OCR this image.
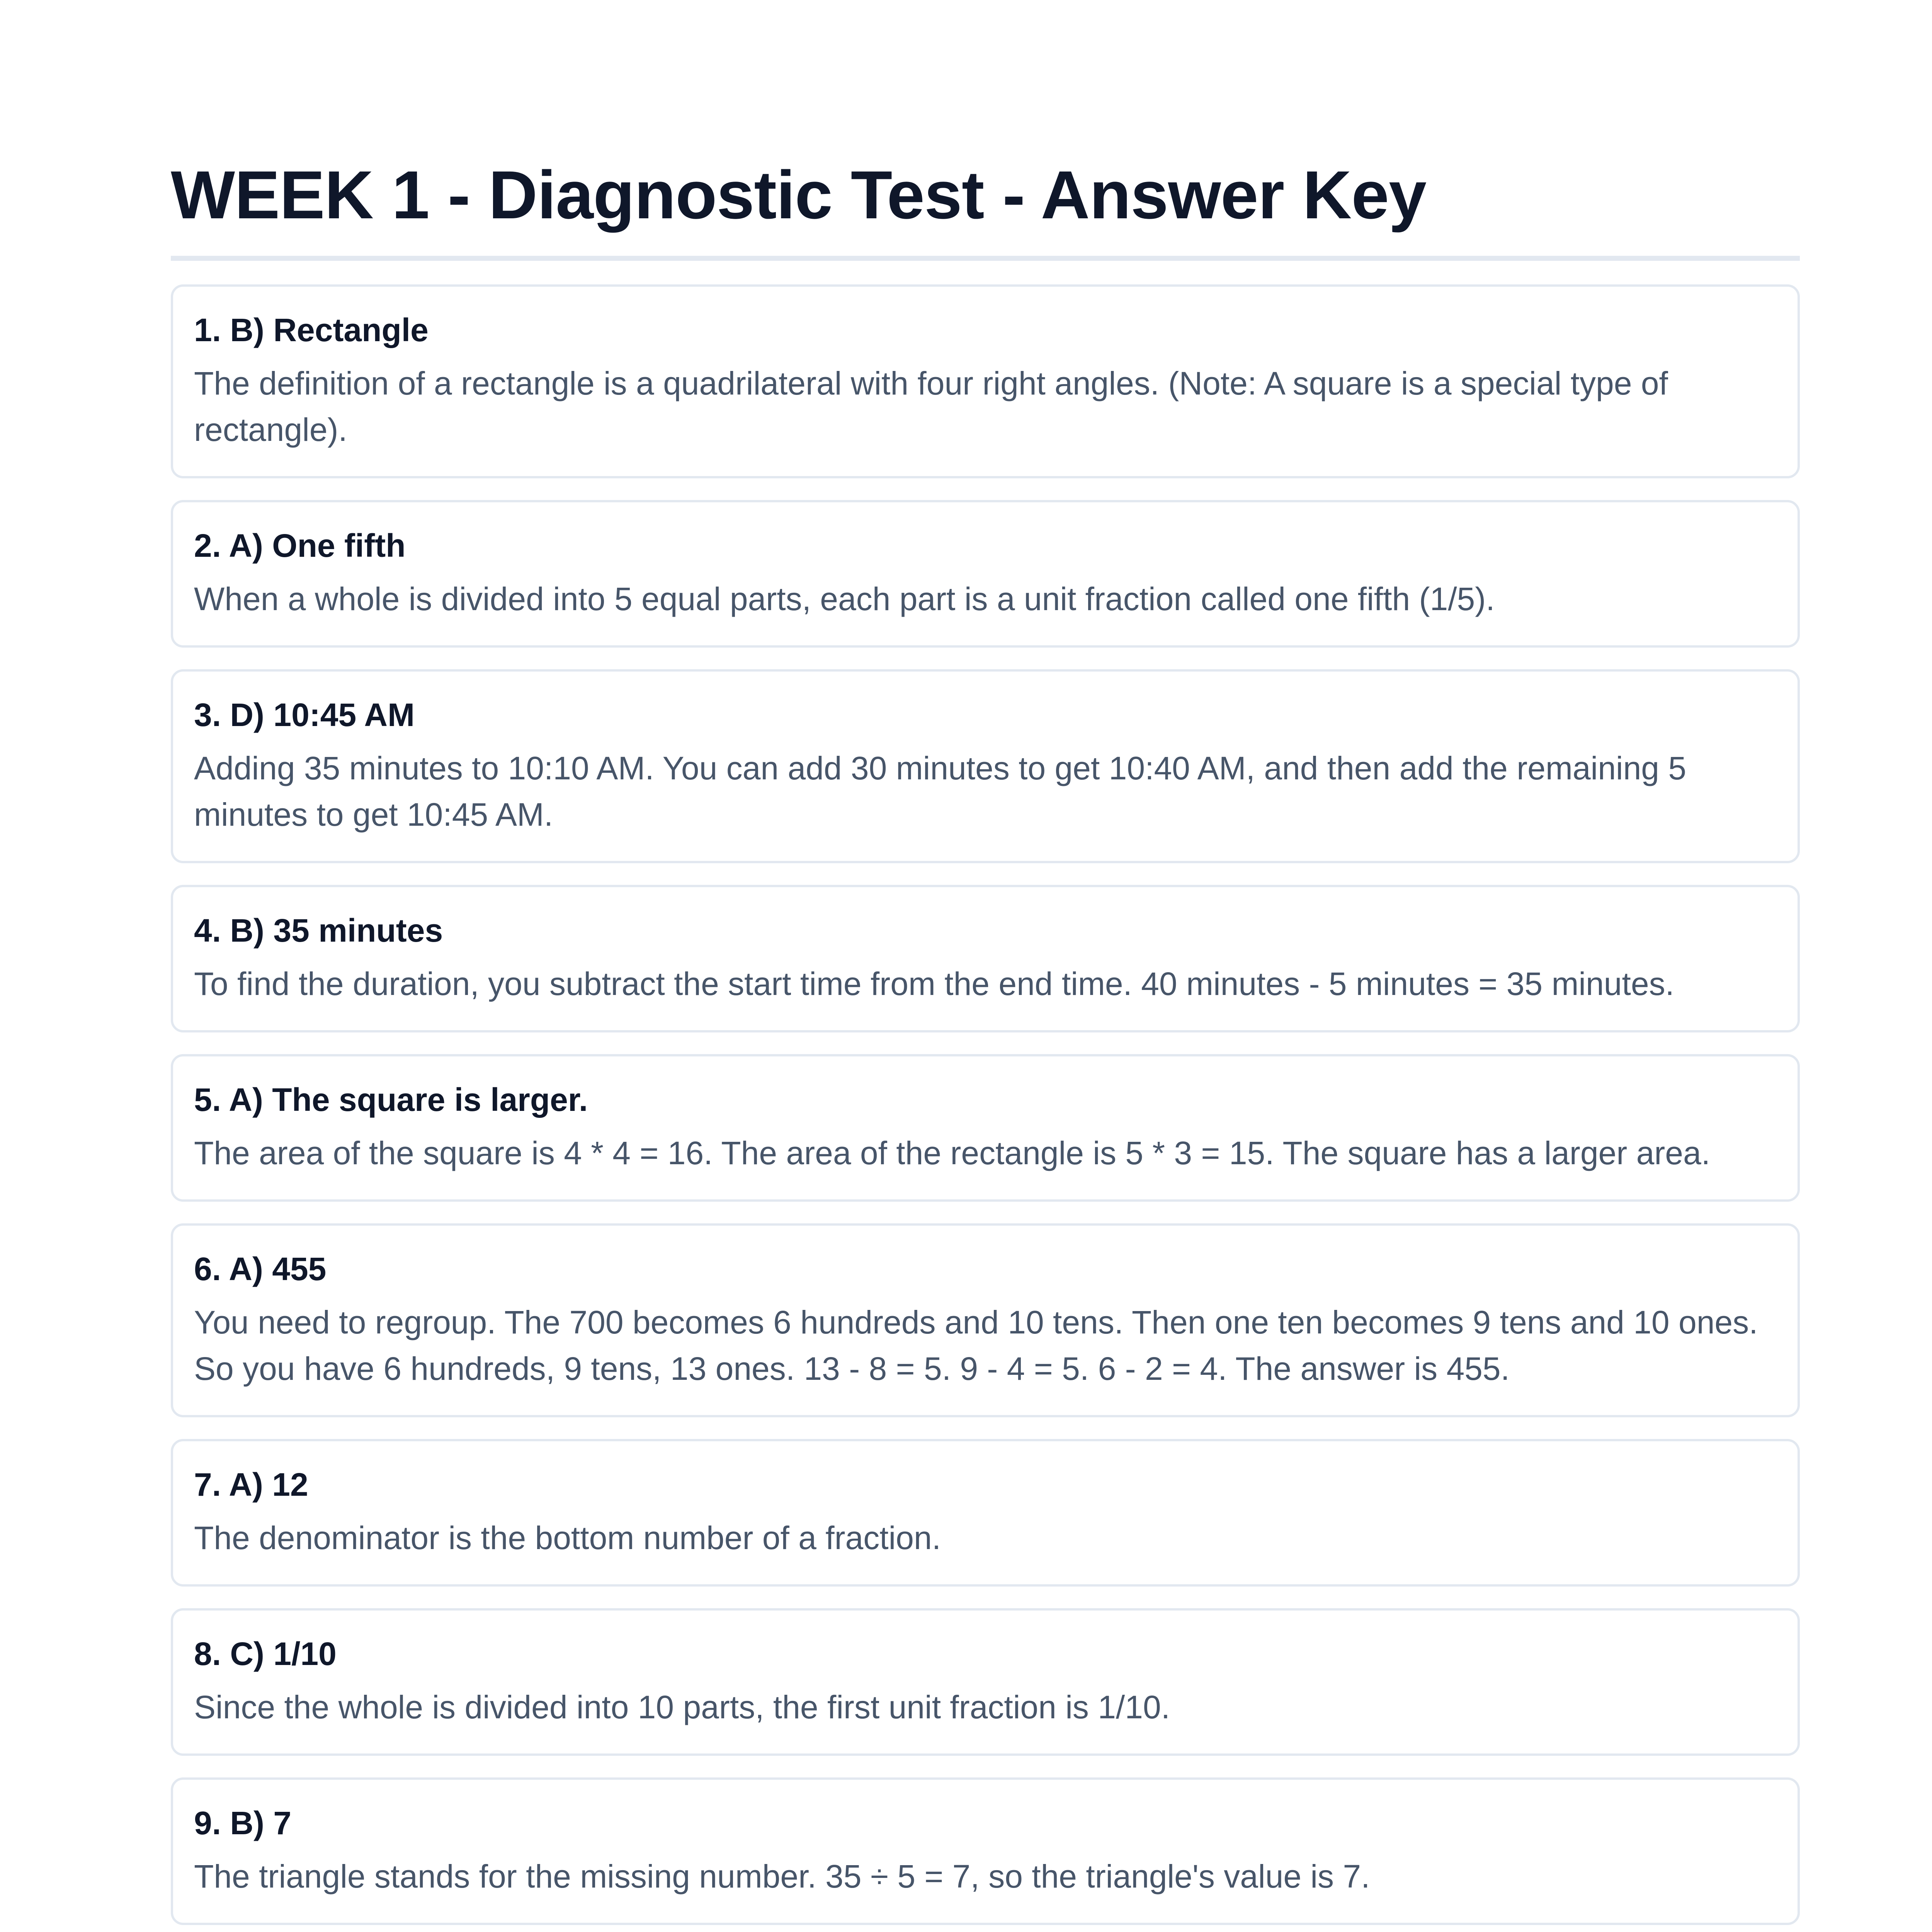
WEEK 1 - Diagnostic Test - Answer Key
1. B) Rectangle
The definition of a rectangle is a quadrilateral with four right angles. (Note: A square is a special type of rectangle).
2. A) One fifth
When a whole is divided into 5 equal parts, each part is a unit fraction called one fifth (1/5).
3. D) 10:45 AM
Adding 35 minutes to 10:10 AM. You can add 30 minutes to get 10:40 AM, and then add the remaining 5 minutes to get 10:45 AM.
4. B) 35 minutes
To find the duration, you subtract the start time from the end time. 40 minutes - 5 minutes = 35 minutes.
5. A) The square is larger.
The area of the square is 4 * 4 = 16. The area of the rectangle is 5 * 3 = 15. The square has a larger area.
6. A) 455
You need to regroup. The 700 becomes 6 hundreds and 10 tens. Then one ten becomes 9 tens and 10 ones. So you have 6 hundreds, 9 tens, 13 ones. 13 - 8 = 5. 9 - 4 = 5. 6 - 2 = 4. The answer is 455.
7. A) 12
The denominator is the bottom number of a fraction.
8. C) 1/10
Since the whole is divided into 10 parts, the first unit fraction is 1/10.
9. B) 7
The triangle stands for the missing number. 35 ÷ 5 = 7, so the triangle's value is 7.
